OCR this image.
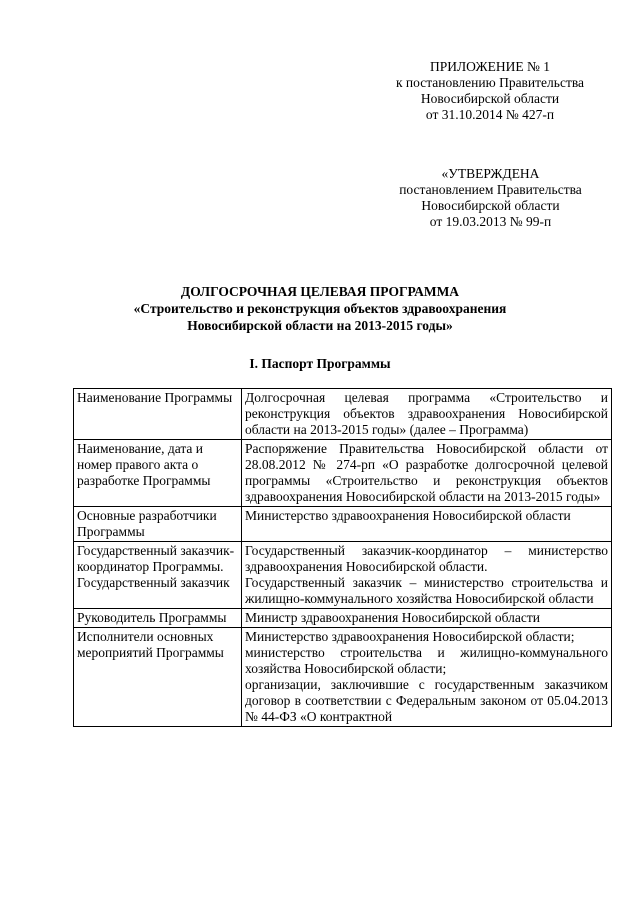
ПРИЛОЖЕНИЕ № 1
к постановлению Правительства
Новосибирской области
от 31.10.2014 № 427-п
«УТВЕРЖДЕНА
постановлением Правительства
Новосибирской области
от 19.03.2013 № 99-п
ДОЛГОСРОЧНАЯ ЦЕЛЕВАЯ ПРОГРАММА
«Строительство и реконструкция объектов здравоохранения
Новосибирской области на 2013-2015 годы»
I. Паспорт Программы
Наименование Программы	Долгосрочная целевая программа «Строительство и реконструкция объектов здравоохранения Новосибирской области на 2013-2015 годы» (далее – Программа)

Наименование, дата и номер правого акта о разработке Программы	Распоряжение Правительства Новосибирской области от 28.08.2012 № 274-рп «О разработке долгосрочной целевой программы «Строительство и реконструкция объектов здравоохранения Новосибирской области на 2013-2015 годы»

Основные разработчики Программы	Министерство здравоохранения Новосибирской области

Государственный заказчик-координатор Программы. Государственный заказчик	Государственный заказчик-координатор – министерство здравоохранения Новосибирской области.

Государственный заказчик – министерство строительства и жилищно-коммунального хозяйства Новосибирской области

Руководитель Программы	Министр здравоохранения Новосибирской области

Исполнители основных мероприятий Программы	Министерство здравоохранения Новосибирской области;

министерство строительства и жилищно-коммунального хозяйства Новосибирской области;

организации, заключившие с государственным заказчиком договор в соответствии с Федеральным законом от 05.04.2013 № 44-ФЗ «О контрактной
